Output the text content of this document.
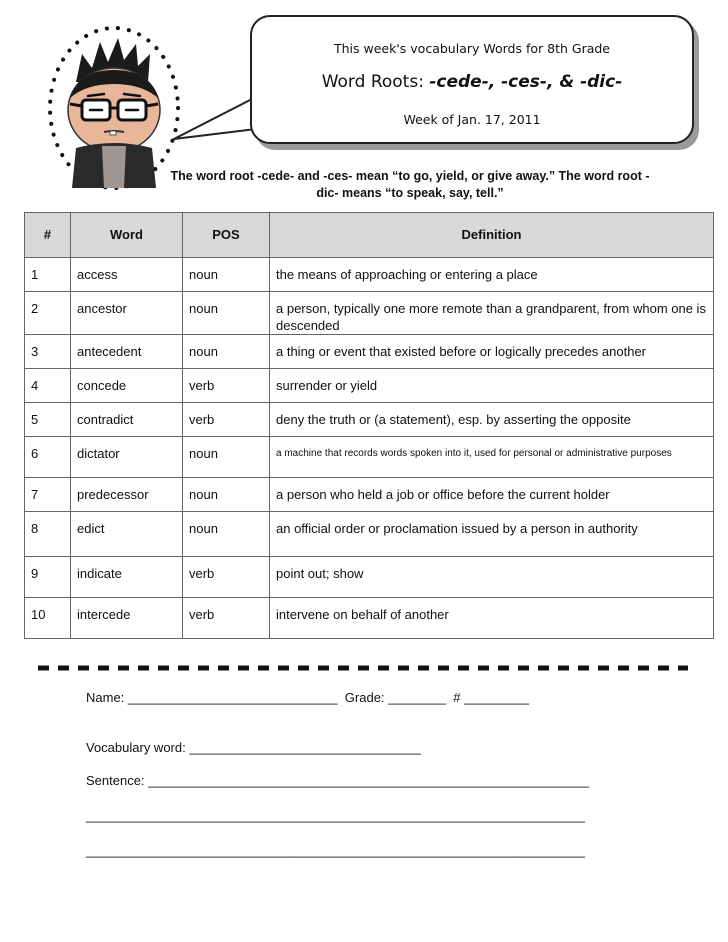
This week's vocabulary Words for 8th Grade
Word Roots: -cede-, -ces-, & -dic-
Week of Jan. 17, 2011
The word root -cede- and -ces- mean “to go, yield, or give away.” The word root -dic- means “to speak, say, tell.”
#	Word	POS	Definition
1	access	noun	the means of approaching or entering a place
2	ancestor	noun	a person, typically one more remote than a grandparent, from whom one is descended
3	antecedent	noun	a thing or event that existed before or logically precedes another
4	concede	verb	surrender or yield
5	contradict	verb	deny the truth or (a statement), esp. by asserting the opposite
6	dictator	noun	a machine that records words spoken into it, used for personal or administrative purposes
7	predecessor	noun	a person who held a job or office before the current holder
8	edict	noun	an official order or proclamation issued by a person in authority
9	indicate	verb	point out; show
10	intercede	verb	intervene on behalf of another
Name: _____________________________  Grade: ________  # _________
Vocabulary word: ________________________________
Sentence: _____________________________________________________________
_____________________________________________________________________
_____________________________________________________________________
